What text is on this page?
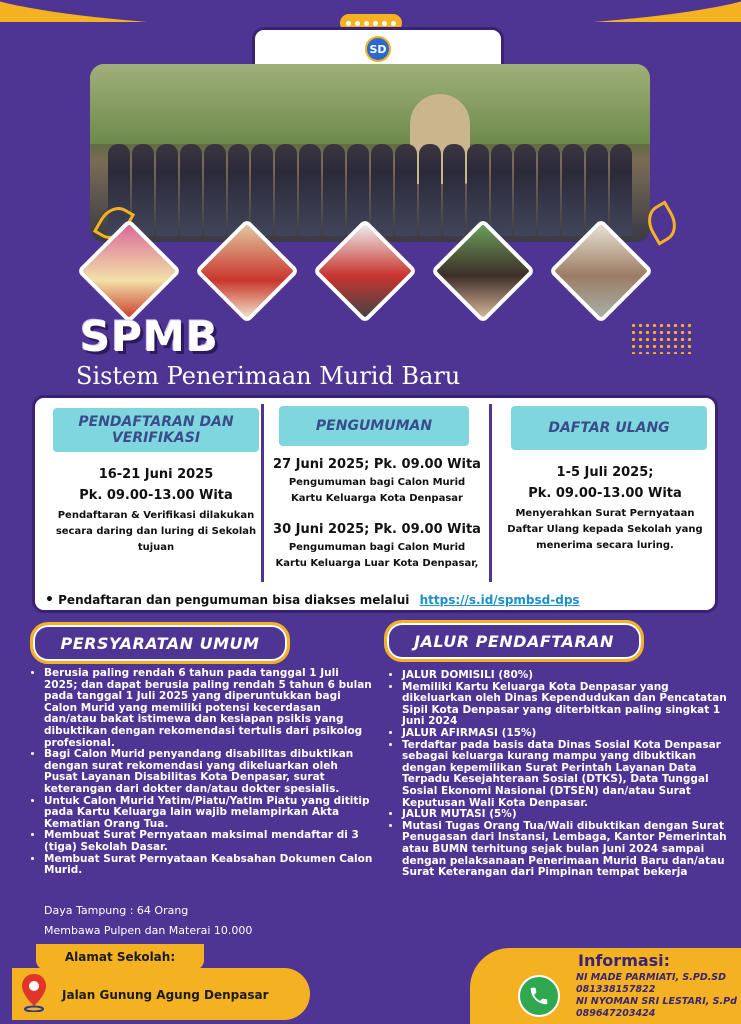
SD
SPMB
Sistem Penerimaan Murid Baru
PENDAFTARAN DAN VERIFIKASI
16-21 Juni 2025
Pk. 09.00-13.00 Wita
Pendaftaran & Verifikasi dilakukan secara daring dan luring di Sekolah tujuan
PENGUMUMAN
27 Juni 2025; Pk. 09.00 Wita
Pengumuman bagi Calon Murid Kartu Keluarga Kota Denpasar
30 Juni 2025; Pk. 09.00 Wita
Pengumuman bagi Calon Murid Kartu Keluarga Luar Kota Denpasar,
DAFTAR ULANG
1-5 Juli 2025;
Pk. 09.00-13.00 Wita
Menyerahkan Surat Pernyataan Daftar Ulang kepada Sekolah yang menerima secara luring.
• Pendaftaran dan pengumuman bisa diakses melalui https://s.id/spmbsd-dps
PERSYARATAN UMUM	JALUR PENDAFTARAN
• Berusia paling rendah 6 tahun pada tanggal 1 Juli 2025; dan dapat berusia paling rendah 5 tahun 6 bulan pada tanggal 1 Juli 2025 yang diperuntukkan bagi Calon Murid yang memiliki potensi kecerdasan dan/atau bakat istimewa dan kesiapan psikis yang dibuktikan dengan rekomendasi tertulis dari psikolog profesional.
• Bagi Calon Murid penyandang disabilitas dibuktikan dengan surat rekomendasi yang dikeluarkan oleh Pusat Layanan Disabilitas Kota Denpasar, surat keterangan dari dokter dan/atau dokter spesialis.
• Untuk Calon Murid Yatim/Piatu/Yatim Piatu yang dititip pada Kartu Keluarga lain wajib melampirkan Akta Kematian Orang Tua.
• Membuat Surat Pernyataan maksimal mendaftar di 3 (tiga) Sekolah Dasar.
• Membuat Surat Pernyataan Keabsahan Dokumen Calon Murid.
Daya Tampung : 64 Orang
Membawa Pulpen dan Materai 10.000
• JALUR DOMISILI (80%)
• Memiliki Kartu Keluarga Kota Denpasar yang dikeluarkan oleh Dinas Kependudukan dan Pencatatan Sipil Kota Denpasar yang diterbitkan paling singkat 1 Juni 2024
• JALUR AFIRMASI (15%)
• Terdaftar pada basis data Dinas Sosial Kota Denpasar sebagai keluarga kurang mampu yang dibuktikan dengan kepemilikan Surat Perintah Layanan Data Terpadu Kesejahteraan Sosial (DTKS), Data Tunggal Sosial Ekonomi Nasional (DTSEN) dan/atau Surat Keputusan Wali Kota Denpasar.
• JALUR MUTASI (5%)
• Mutasi Tugas Orang Tua/Wali dibuktikan dengan Surat Penugasan dari Instansi, Lembaga, Kantor Pemerintah atau BUMN terhitung sejak bulan Juni 2024 sampai dengan pelaksanaan Penerimaan Murid Baru dan/atau Surat Keterangan dari Pimpinan tempat bekerja
Alamat Sekolah:
Jalan Gunung Agung Denpasar
Informasi:
NI MADE PARMIATI, S.PD.SD
081338157822
NI NYOMAN SRI LESTARI, S.Pd
089647203424
